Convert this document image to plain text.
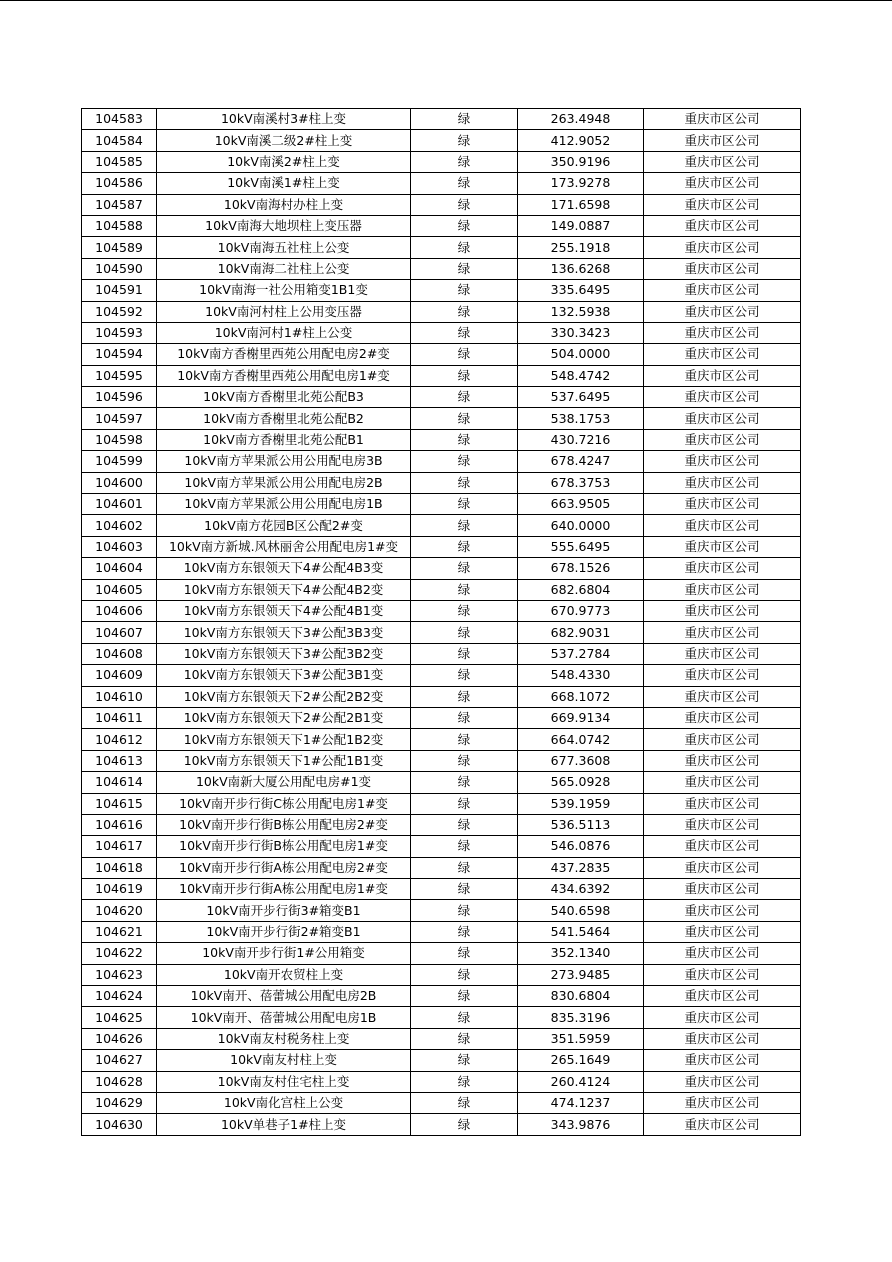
104583	10kV南溪村3#柱上变	绿	263.4948	重庆市区公司
104584	10kV南溪二级2#柱上变	绿	412.9052	重庆市区公司
104585	10kV南溪2#柱上变	绿	350.9196	重庆市区公司
104586	10kV南溪1#柱上变	绿	173.9278	重庆市区公司
104587	10kV南海村办柱上变	绿	171.6598	重庆市区公司
104588	10kV南海大地坝柱上变压器	绿	149.0887	重庆市区公司
104589	10kV南海五社柱上公变	绿	255.1918	重庆市区公司
104590	10kV南海二社柱上公变	绿	136.6268	重庆市区公司
104591	10kV南海一社公用箱变1B1变	绿	335.6495	重庆市区公司
104592	10kV南河村柱上公用变压器	绿	132.5938	重庆市区公司
104593	10kV南河村1#柱上公变	绿	330.3423	重庆市区公司
104594	10kV南方香榭里西苑公用配电房2#变	绿	504.0000	重庆市区公司
104595	10kV南方香榭里西苑公用配电房1#变	绿	548.4742	重庆市区公司
104596	10kV南方香榭里北苑公配B3	绿	537.6495	重庆市区公司
104597	10kV南方香榭里北苑公配B2	绿	538.1753	重庆市区公司
104598	10kV南方香榭里北苑公配B1	绿	430.7216	重庆市区公司
104599	10kV南方苹果派公用公用配电房3B	绿	678.4247	重庆市区公司
104600	10kV南方苹果派公用公用配电房2B	绿	678.3753	重庆市区公司
104601	10kV南方苹果派公用公用配电房1B	绿	663.9505	重庆市区公司
104602	10kV南方花园B区公配2#变	绿	640.0000	重庆市区公司
104603	10kV南方新城.风林丽舍公用配电房1#变	绿	555.6495	重庆市区公司
104604	10kV南方东银领天下4#公配4B3变	绿	678.1526	重庆市区公司
104605	10kV南方东银领天下4#公配4B2变	绿	682.6804	重庆市区公司
104606	10kV南方东银领天下4#公配4B1变	绿	670.9773	重庆市区公司
104607	10kV南方东银领天下3#公配3B3变	绿	682.9031	重庆市区公司
104608	10kV南方东银领天下3#公配3B2变	绿	537.2784	重庆市区公司
104609	10kV南方东银领天下3#公配3B1变	绿	548.4330	重庆市区公司
104610	10kV南方东银领天下2#公配2B2变	绿	668.1072	重庆市区公司
104611	10kV南方东银领天下2#公配2B1变	绿	669.9134	重庆市区公司
104612	10kV南方东银领天下1#公配1B2变	绿	664.0742	重庆市区公司
104613	10kV南方东银领天下1#公配1B1变	绿	677.3608	重庆市区公司
104614	10kV南新大厦公用配电房#1变	绿	565.0928	重庆市区公司
104615	10kV南开步行街C栋公用配电房1#变	绿	539.1959	重庆市区公司
104616	10kV南开步行街B栋公用配电房2#变	绿	536.5113	重庆市区公司
104617	10kV南开步行街B栋公用配电房1#变	绿	546.0876	重庆市区公司
104618	10kV南开步行街A栋公用配电房2#变	绿	437.2835	重庆市区公司
104619	10kV南开步行街A栋公用配电房1#变	绿	434.6392	重庆市区公司
104620	10kV南开步行街3#箱变B1	绿	540.6598	重庆市区公司
104621	10kV南开步行街2#箱变B1	绿	541.5464	重庆市区公司
104622	10kV南开步行街1#公用箱变	绿	352.1340	重庆市区公司
104623	10kV南开农贸柱上变	绿	273.9485	重庆市区公司
104624	10kV南开、蓓蕾城公用配电房2B	绿	830.6804	重庆市区公司
104625	10kV南开、蓓蕾城公用配电房1B	绿	835.3196	重庆市区公司
104626	10kV南友村税务柱上变	绿	351.5959	重庆市区公司
104627	10kV南友村柱上变	绿	265.1649	重庆市区公司
104628	10kV南友村住宅柱上变	绿	260.4124	重庆市区公司
104629	10kV南化宫柱上公变	绿	474.1237	重庆市区公司
104630	10kV单巷子1#柱上变	绿	343.9876	重庆市区公司
